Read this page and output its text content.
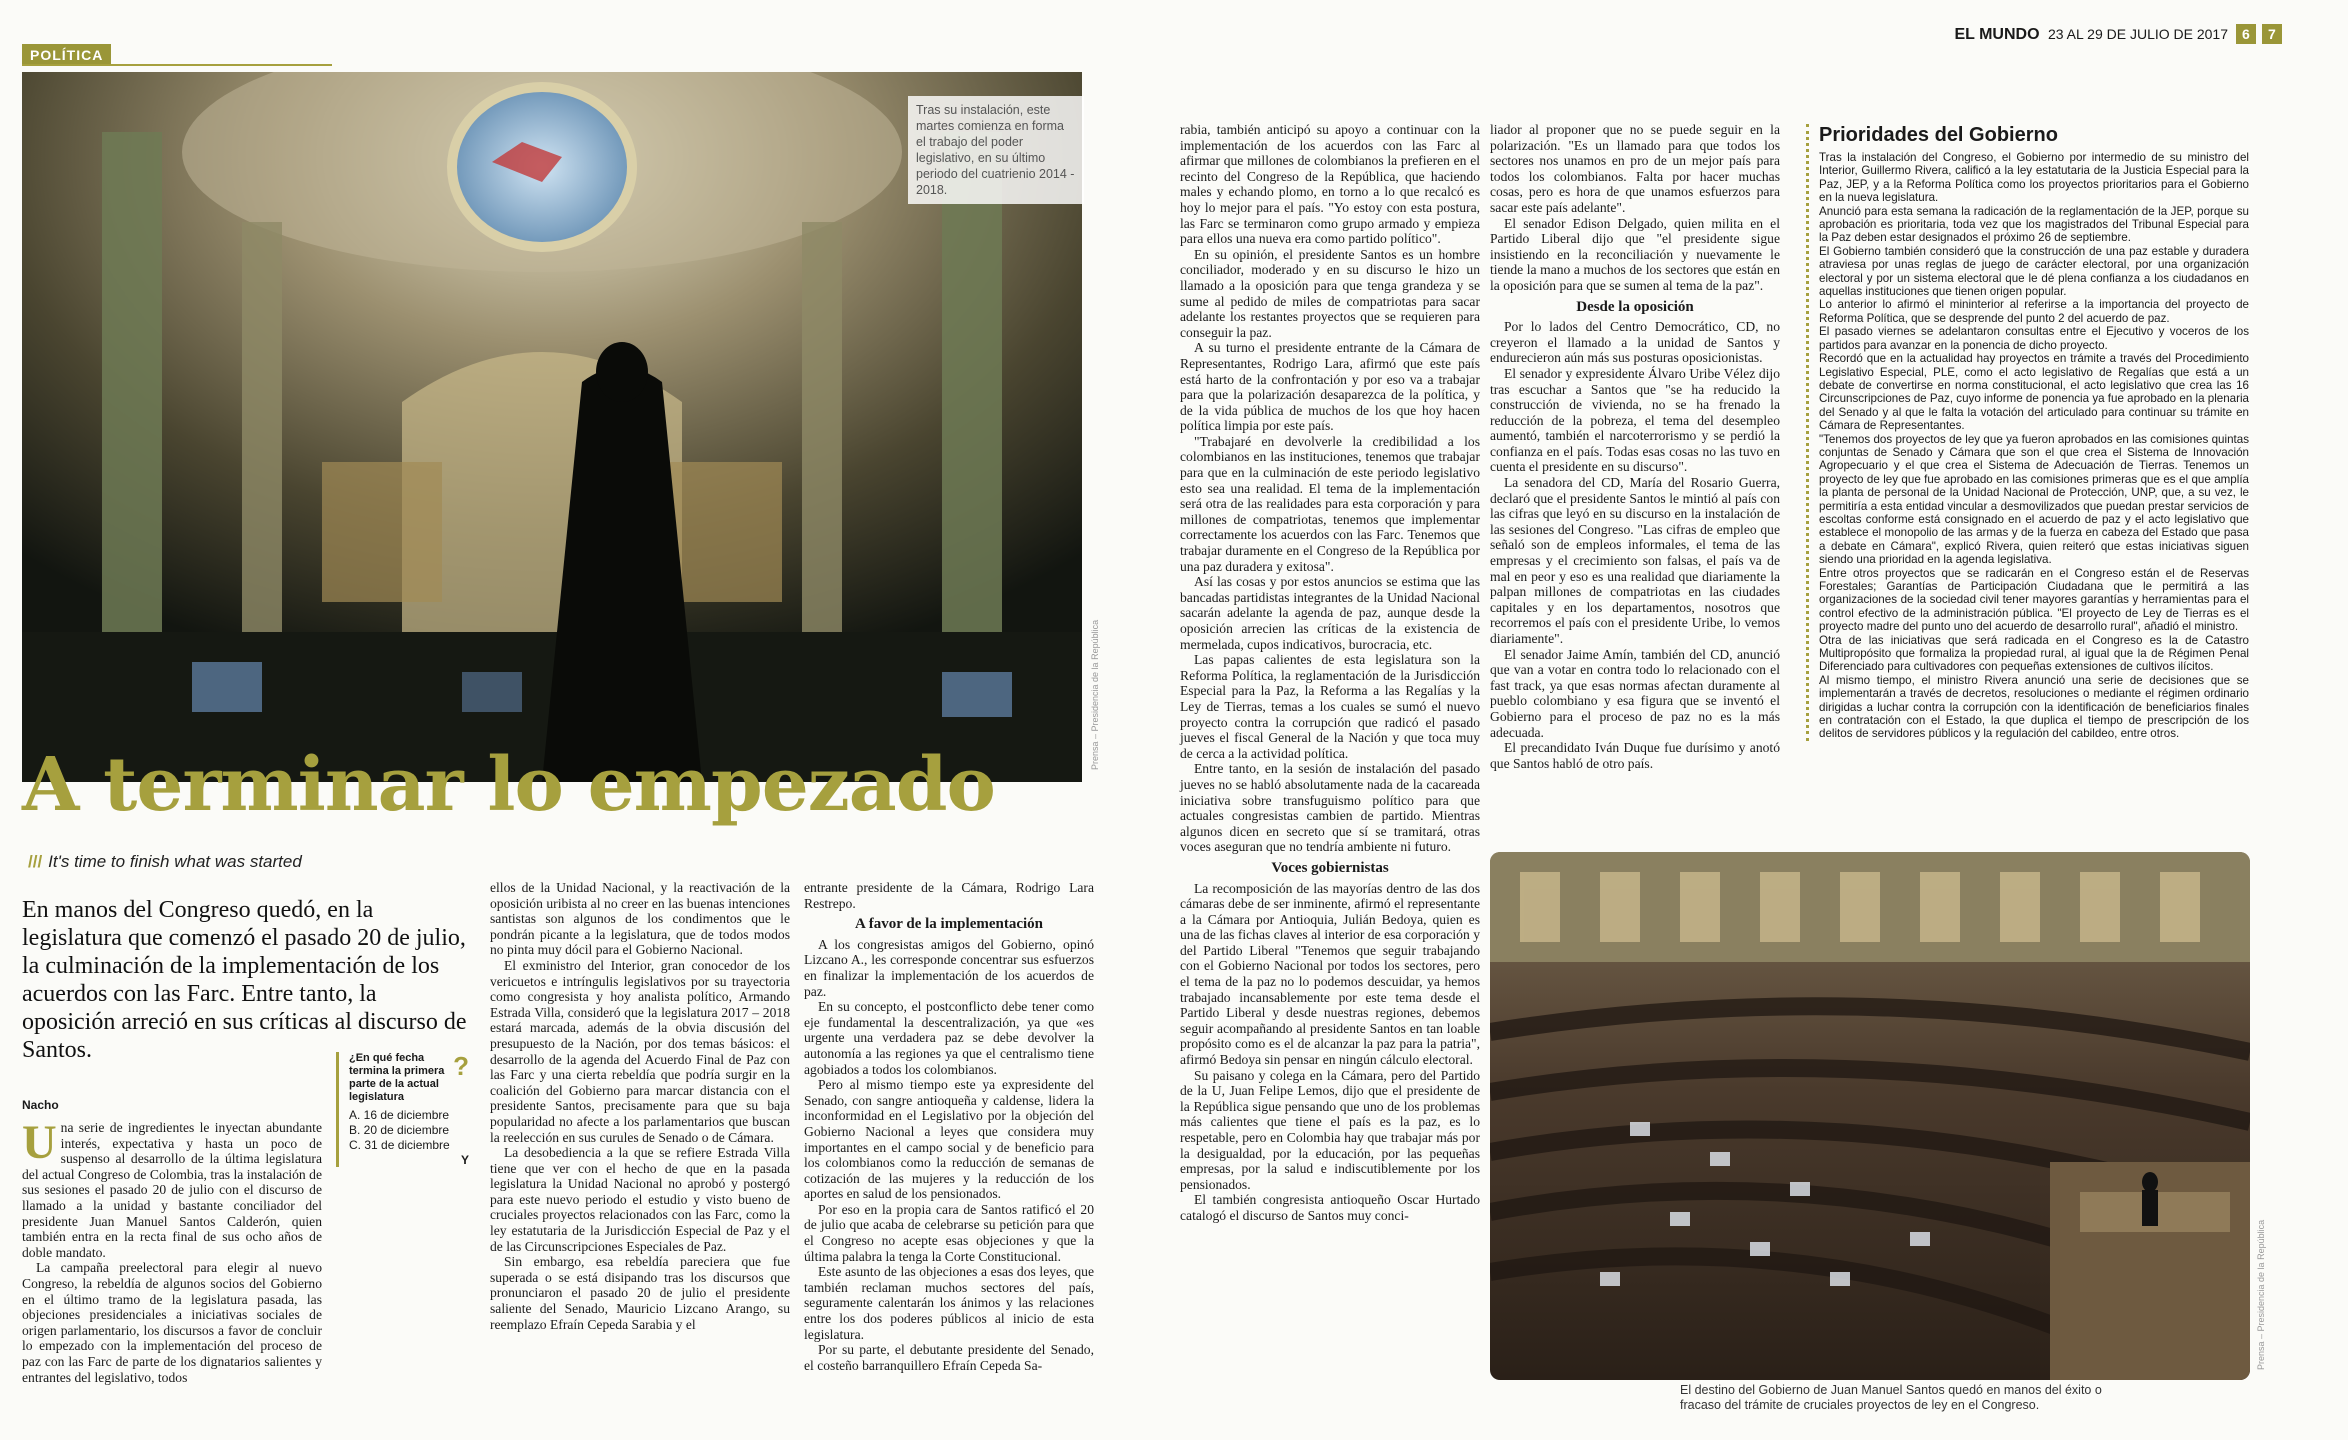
POLÍTICA
EL MUNDO 23 AL 29 DE JULIO DE 2017	6	7
Tras su instalación, este martes comienza en forma el trabajo del poder legislativo, en su último periodo del cuatrienio 2014 - 2018.
Prensa – Presidencia de la República
A terminar lo empezado
/// It's time to finish what was started
En manos del Congreso quedó, en la legislatura que comenzó el pasado 20 de julio, la culminación de la implementación de los acuerdos con las Farc. Entre tanto, la oposición arreció en sus críticas al discurso de Santos.
Nacho
¿En qué fecha termina la primera parte de la actual legislatura
?
A. 16 de diciembre
B. 20 de diciembre
C. 31 de diciembre
Y

Una serie de ingredientes le inyectan abundante interés, expectativa y hasta un poco de suspenso al desarrollo de la última legislatura del actual Congreso de Colombia, tras la instalación de sus sesiones el pasado 20 de julio con el discurso de llamado a la unidad y bastante conciliador del presidente Juan Manuel Santos Calderón, quien también entra en la recta final de sus ocho años de doble mandato.

La campaña preelectoral para elegir al nuevo Congreso, la rebeldía de algunos socios del Gobierno en el último tramo de la legislatura pasada, las objeciones presidenciales a iniciativas sociales de origen parlamentario, los discursos a favor de concluir lo empezado con la implementación del proceso de paz con las Farc de parte de los dignatarios salientes y entrantes del legislativo, todos

ellos de la Unidad Nacional, y la reactivación de la oposición uribista al no creer en las buenas intenciones santistas son algunos de los condimentos que le pondrán picante a la legislatura, que de todos modos no pinta muy dócil para el Gobierno Nacional.

El exministro del Interior, gran conocedor de los vericuetos e intríngulis legislativos por su trayectoria como congresista y hoy analista político, Armando Estrada Villa, consideró que la legislatura 2017 – 2018 estará marcada, además de la obvia discusión del presupuesto de la Nación, por dos temas básicos: el desarrollo de la agenda del Acuerdo Final de Paz con las Farc y una cierta rebeldía que podría surgir en la coalición del Gobierno para marcar distancia con el presidente Santos, precisamente para que su baja popularidad no afecte a los parlamentarios que buscan la reelección en sus curules de Senado o de Cámara.

La desobediencia a la que se refiere Estrada Villa tiene que ver con el hecho de que en la pasada legislatura la Unidad Nacional no aprobó y postergó para este nuevo periodo el estudio y visto bueno de cruciales proyectos relacionados con las Farc, como la ley estatutaria de la Jurisdicción Especial de Paz y el de las Circunscripciones Especiales de Paz.

Sin embargo, esa rebeldía pareciera que fue superada o se está disipando tras los discursos que pronunciaron el pasado 20 de julio el presidente saliente del Senado, Mauricio Lizcano Arango, su reemplazo Efraín Cepeda Sarabia y el

entrante presidente de la Cámara, Rodrigo Lara Restrepo.

A favor de la implementación

A los congresistas amigos del Gobierno, opinó Lizcano A., les corresponde concentrar sus esfuerzos en finalizar la implementación de los acuerdos de paz.

En su concepto, el postconflicto debe tener como eje fundamental la descentralización, ya que «es urgente una verdadera paz se debe devolver la autonomía a las regiones ya que el centralismo tiene agobiados a todos los colombianos.

Pero al mismo tiempo este ya expresidente del Senado, con sangre antioqueña y caldense, lidera la inconformidad en el Legislativo por la objeción del Gobierno Nacional a leyes que considera muy importantes en el campo social y de beneficio para los colombianos como la reducción de semanas de cotización de las mujeres y la reducción de los aportes en salud de los pensionados.

Por eso en la propia cara de Santos ratificó el 20 de julio que acaba de celebrarse su petición para que el Congreso no acepte esas objeciones y que la última palabra la tenga la Corte Constitucional.

Este asunto de las objeciones a esas dos leyes, que también reclaman muchos sectores del país, seguramente calentarán los ánimos y las relaciones entre los dos poderes públicos al inicio de esta legislatura.

Por su parte, el debutante presidente del Senado, el costeño barranquillero Efraín Cepeda Sa-

rabia, también anticipó su apoyo a continuar con la implementación de los acuerdos con las Farc al afirmar que millones de colombianos la prefieren en el recinto del Congreso de la República, que haciendo males y echando plomo, en torno a lo que recalcó es hoy lo mejor para el país. "Yo estoy con esta postura, las Farc se terminaron como grupo armado y empieza para ellos una nueva era como partido político".

En su opinión, el presidente Santos es un hombre conciliador, moderado y en su discurso le hizo un llamado a la oposición para que tenga grandeza y se sume al pedido de miles de compatriotas para sacar adelante los restantes proyectos que se requieren para conseguir la paz.

A su turno el presidente entrante de la Cámara de Representantes, Rodrigo Lara, afirmó que este país está harto de la confrontación y por eso va a trabajar para que la polarización desaparezca de la política, y de la vida pública de muchos de los que hoy hacen política limpia por este país.

"Trabajaré en devolverle la credibilidad a los colombianos en las instituciones, tenemos que trabajar para que en la culminación de este periodo legislativo esto sea una realidad. El tema de la implementación será otra de las realidades para esta corporación y para millones de compatriotas, tenemos que implementar correctamente los acuerdos con las Farc. Tenemos que trabajar duramente en el Congreso de la República por una paz duradera y exitosa".

Así las cosas y por estos anuncios se estima que las bancadas partidistas integrantes de la Unidad Nacional sacarán adelante la agenda de paz, aunque desde la oposición arrecien las críticas de la existencia de mermelada, cupos indicativos, burocracia, etc.

Las papas calientes de esta legislatura son la Reforma Política, la reglamentación de la Jurisdicción Especial para la Paz, la Reforma a las Regalías y la Ley de Tierras, temas a los cuales se sumó el nuevo proyecto contra la corrupción que radicó el pasado jueves el fiscal General de la Nación y que toca muy de cerca a la actividad política.

Entre tanto, en la sesión de instalación del pasado jueves no se habló absolutamente nada de la cacareada iniciativa sobre transfuguismo político para que actuales congresistas cambien de partido. Mientras algunos dicen en secreto que sí se tramitará, otras voces aseguran que no tendría ambiente ni futuro.

Voces gobiernistas

La recomposición de las mayorías dentro de las dos cámaras debe de ser inminente, afirmó el representante a la Cámara por Antioquia, Julián Bedoya, quien es una de las fichas claves al interior de esa corporación y del Partido Liberal "Tenemos que seguir trabajando con el Gobierno Nacional por todos los sectores, pero el tema de la paz no lo podemos descuidar, ya hemos trabajado incansablemente por este tema desde el Partido Liberal y desde nuestras regiones, debemos seguir acompañando al presidente Santos en tan loable propósito como es el de alcanzar la paz para la patria", afirmó Bedoya sin pensar en ningún cálculo electoral.

Su paisano y colega en la Cámara, pero del Partido de la U, Juan Felipe Lemos, dijo que el presidente de la República sigue pensando que uno de los problemas más calientes que tiene el país es la paz, es lo respetable, pero en Colombia hay que trabajar más por la desigualdad, por la educación, por las pequeñas empresas, por la salud e indiscutiblemente por los pensionados.

El también congresista antioqueño Oscar Hurtado catalogó el discurso de Santos muy conci-

liador al proponer que no se puede seguir en la polarización. "Es un llamado para que todos los sectores nos unamos en pro de un mejor país para todos los colombianos. Falta por hacer muchas cosas, pero es hora de que unamos esfuerzos para sacar este país adelante".

El senador Edison Delgado, quien milita en el Partido Liberal dijo que "el presidente sigue insistiendo en la reconciliación y nuevamente le tiende la mano a muchos de los sectores que están en la oposición para que se sumen al tema de la paz".

Desde la oposición

Por lo lados del Centro Democrático, CD, no creyeron el llamado a la unidad de Santos y endurecieron aún más sus posturas oposicionistas.

El senador y expresidente Álvaro Uribe Vélez dijo tras escuchar a Santos que "se ha reducido la construcción de vivienda, no se ha frenado la reducción de la pobreza, el tema del desempleo aumentó, también el narcoterrorismo y se perdió la confianza en el país. Todas esas cosas no las tuvo en cuenta el presidente en su discurso".

La senadora del CD, María del Rosario Guerra, declaró que el presidente Santos le mintió al país con las cifras que leyó en su discurso en la instalación de las sesiones del Congreso. "Las cifras de empleo que señaló son de empleos informales, el tema de las empresas y el crecimiento son falsas, el país va de mal en peor y eso es una realidad que diariamente la palpan millones de compatriotas en las ciudades capitales y en los departamentos, nosotros que recorremos el país con el presidente Uribe, lo vemos diariamente".

El senador Jaime Amín, también del CD, anunció que van a votar en contra todo lo relacionado con el fast track, ya que esas normas afectan duramente al pueblo colombiano y esa figura que se inventó el Gobierno para el proceso de paz no es la más adecuada.

El precandidato Iván Duque fue durísimo y anotó que Santos habló de otro país.

Prioridades del Gobierno
Tras la instalación del Congreso, el Gobierno por intermedio de su ministro del Interior, Guillermo Rivera, calificó a la ley estatutaria de la Justicia Especial para la Paz, JEP, y a la Reforma Política como los proyectos prioritarios para el Gobierno en la nueva legislatura.
Anunció para esta semana la radicación de la reglamentación de la JEP, porque su aprobación es prioritaria, toda vez que los magistrados del Tribunal Especial para la Paz deben estar designados el próximo 26 de septiembre.
El Gobierno también consideró que la construcción de una paz estable y duradera atraviesa por unas reglas de juego de carácter electoral, por una organización electoral y por un sistema electoral que le dé plena confianza a los ciudadanos en aquellas instituciones que tienen origen popular.
Lo anterior lo afirmó el mininterior al referirse a la importancia del proyecto de Reforma Política, que se desprende del punto 2 del acuerdo de paz.
El pasado viernes se adelantaron consultas entre el Ejecutivo y voceros de los partidos para avanzar en la ponencia de dicho proyecto.
Recordó que en la actualidad hay proyectos en trámite a través del Procedimiento Legislativo Especial, PLE, como el acto legislativo de Regalías que está a un debate de convertirse en norma constitucional, el acto legislativo que crea las 16 Circunscripciones de Paz, cuyo informe de ponencia ya fue aprobado en la plenaria del Senado y al que le falta la votación del articulado para continuar su trámite en Cámara de Representantes.
"Tenemos dos proyectos de ley que ya fueron aprobados en las comisiones quintas conjuntas de Senado y Cámara que son el que crea el Sistema de Innovación Agropecuario y el que crea el Sistema de Adecuación de Tierras. Tenemos un proyecto de ley que fue aprobado en las comisiones primeras que es el que amplía la planta de personal de la Unidad Nacional de Protección, UNP, que, a su vez, le permitiría a esta entidad vincular a desmovilizados que puedan prestar servicios de escoltas conforme está consignado en el acuerdo de paz y el acto legislativo que establece el monopolio de las armas y de la fuerza en cabeza del Estado que pasa a debate en Cámara", explicó Rivera, quien reiteró que estas iniciativas siguen siendo una prioridad en la agenda legislativa.
Entre otros proyectos que se radicarán en el Congreso están el de Reservas Forestales; Garantías de Participación Ciudadana que le permitirá a las organizaciones de la sociedad civil tener mayores garantías y herramientas para el control efectivo de la administración pública. "El proyecto de Ley de Tierras es el proyecto madre del punto uno del acuerdo de desarrollo rural", añadió el ministro.
Otra de las iniciativas que será radicada en el Congreso es la de Catastro Multipropósito que formaliza la propiedad rural, al igual que la de Régimen Penal Diferenciado para cultivadores con pequeñas extensiones de cultivos ilícitos.
Al mismo tiempo, el ministro Rivera anunció una serie de decisiones que se implementarán a través de decretos, resoluciones o mediante el régimen ordinario dirigidas a luchar contra la corrupción con la identificación de beneficiarios finales en contratación con el Estado, la que duplica el tiempo de prescripción de los delitos de servidores públicos y la regulación del cabildeo, entre otros.
El destino del Gobierno de Juan Manuel Santos quedó en manos del éxito o fracaso del trámite de cruciales proyectos de ley en el Congreso.
Prensa – Presidencia de la República
